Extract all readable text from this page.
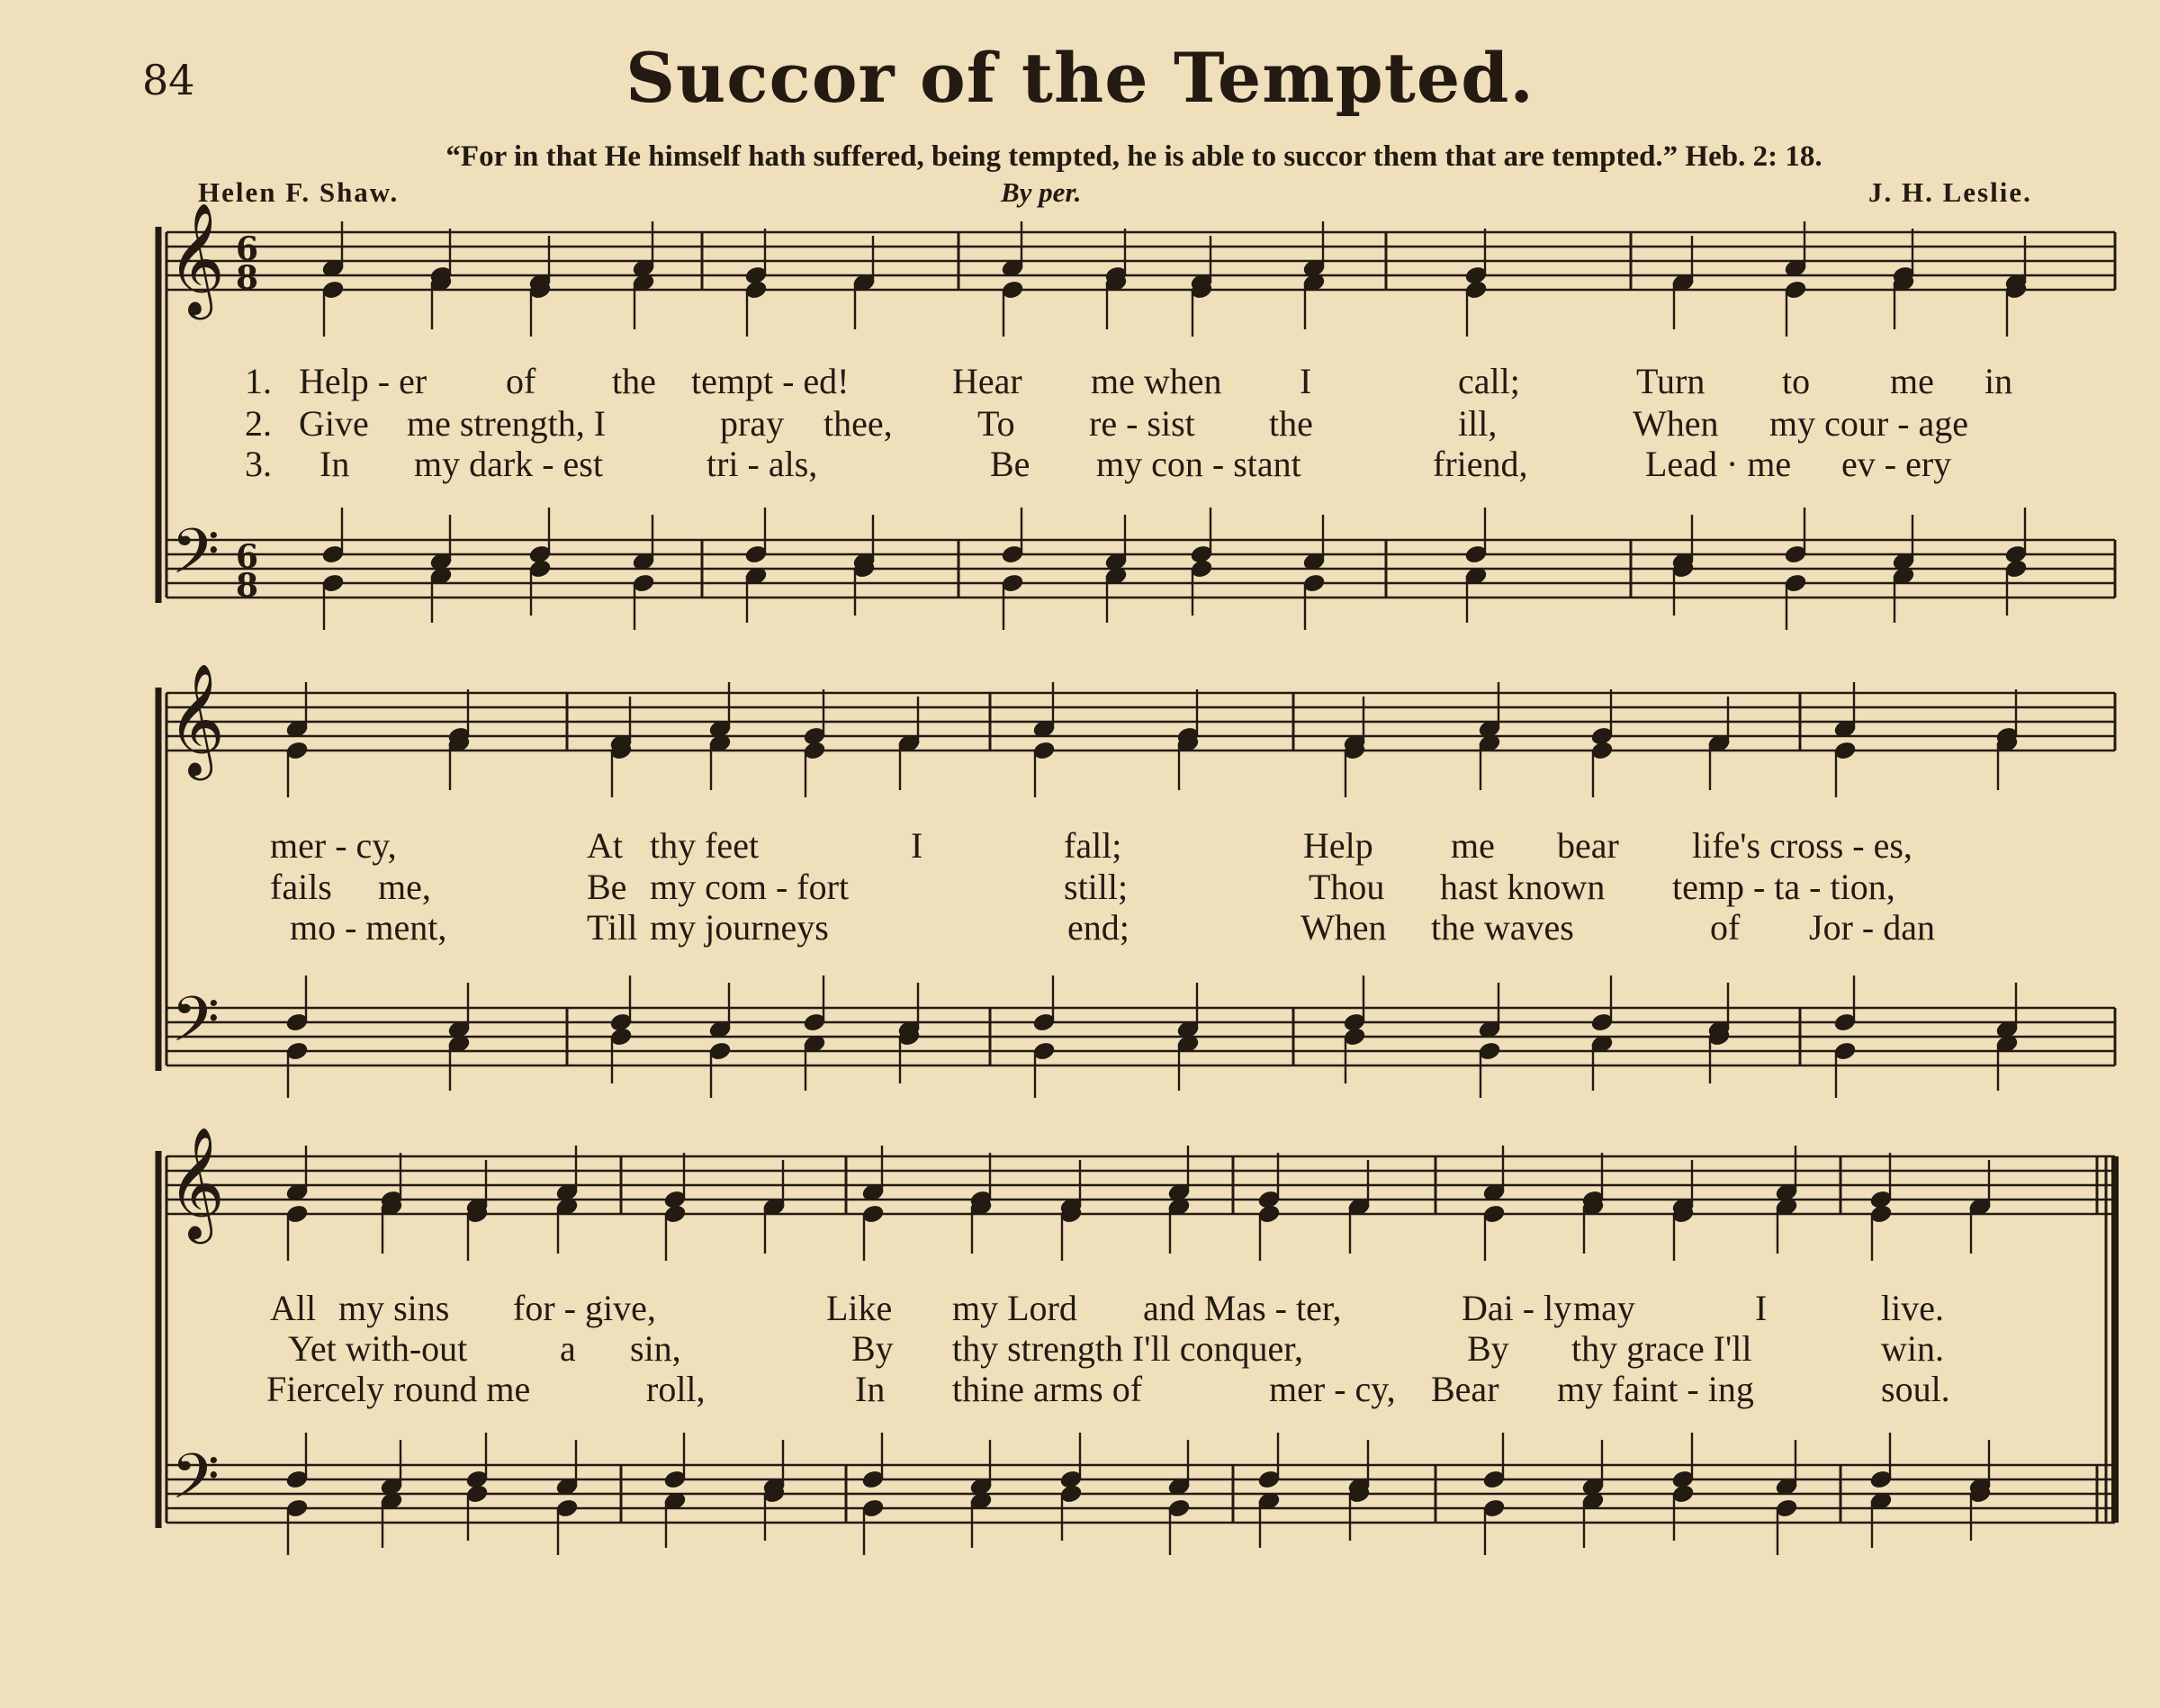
84	Succor of the Tempted.
“For in that He himself hath suffered, being tempted, he is able to succor them that are tempted.” Heb. 2: 18.
Helen F. Shaw.	By per.	J. H. Leslie.
𝄞
𝄢
𝄞
𝄢
𝄞
𝄢
6
8
6
8
1. Help - er of the tempt - ed!	Hear me when I	call;	Turn to me in
2. Give me strength, I	pray thee, To re - sist the	ill,	When my cour - age
3. In my dark - est	tri - als,	Be my con - stant	friend,	Lead · me ev - ery
mer - cy,	At thy feet	I	fall;	Help me bear life's cross - es,
fails me,	Be my com - fort	still;	Thou hast known temp - ta - tion,
mo - ment,	Till my journeys	end;	When the waves	of Jor - dan
All my sins for - give,	Like my Lord and Mas - ter,	Dai - ly may	I	live.
Yet with-out	a sin,	By thy strength I'll conquer,	By thy grace I'll	win.
Fiercely round me	roll,	In thine arms of	mer - cy, Bear my faint - ing	soul.
